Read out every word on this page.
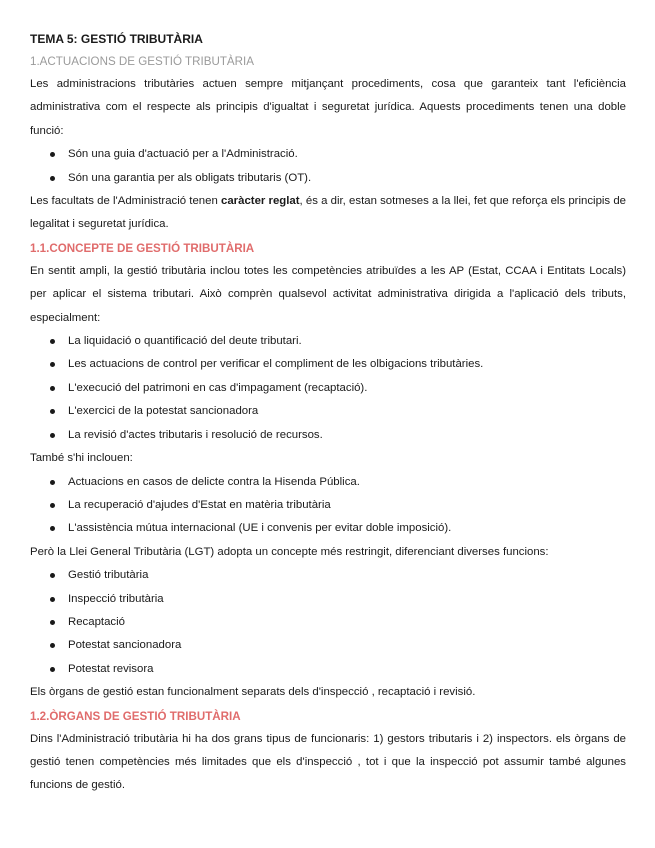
TEMA 5: GESTIÓ TRIBUTÀRIA

1.ACTUACIONS DE GESTIÓ TRIBUTÀRIA

Les administracions tributàries actuen sempre mitjançant procediments, cosa que garanteix tant l'eficiència administrativa com el respecte als principis d'igualtat i seguretat jurídica. Aquests procediments tenen una doble funció:

Són una guia d'actuació per a l'Administració.
Són una garantia per als obligats tributaris (OT).

Les facultats de l'Administració tenen caràcter reglat, és a dir, estan sotmeses a la llei, fet que reforça els principis de legalitat i seguretat jurídica.

1.1.CONCEPTE DE GESTIÓ TRIBUTÀRIA

En sentit ampli, la gestió tributària inclou totes les competències atribuïdes a les AP (Estat, CCAA i Entitats Locals) per aplicar el sistema tributari. Això comprèn qualsevol activitat administrativa dirigida a l'aplicació dels tributs, especialment:

La liquidació o quantificació del deute tributari.
Les actuacions de control per verificar el compliment de les olbigacions tributàries.
L'execució del patrimoni en cas d'impagament (recaptació).
L'exercici de la potestat sancionadora
La revisió d'actes tributaris i resolució de recursos.

També s'hi inclouen:

Actuacions en casos de delicte contra la Hisenda Pública.
La recuperació d'ajudes d'Estat en matèria tributària
L'assistència mútua internacional (UE i convenis per evitar doble imposició).

Però la Llei General Tributària (LGT) adopta un concepte més restringit, diferenciant diverses funcions:

Gestió tributària
Inspecció tributària
Recaptació
Potestat sancionadora
Potestat revisora

Els òrgans de gestió estan funcionalment separats dels d'inspecció , recaptació i revisió.

1.2.ÒRGANS DE GESTIÓ TRIBUTÀRIA

Dins l'Administració tributària hi ha dos grans tipus de funcionaris: 1) gestors tributaris i 2) inspectors. els òrgans de gestió tenen competències més limitades que els d'inspecció , tot i que la inspecció pot assumir també algunes funcions de gestió.
